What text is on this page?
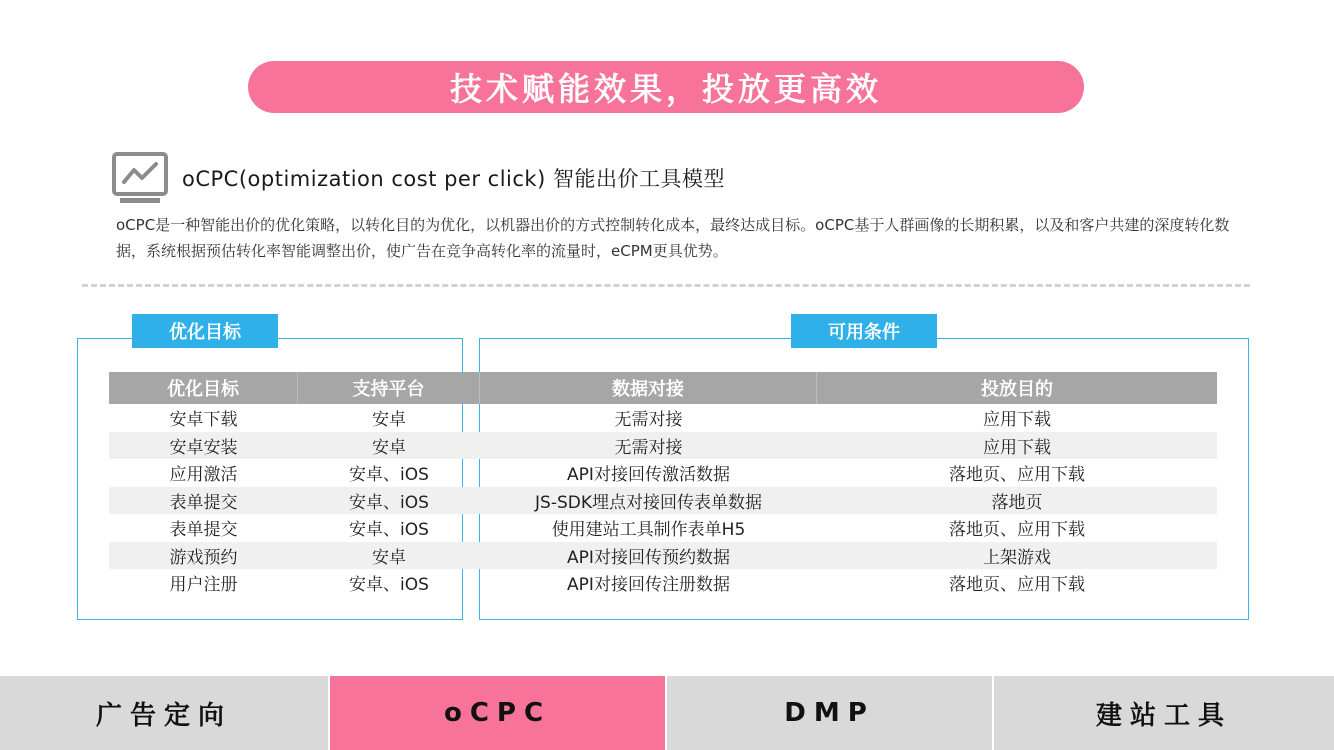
技术赋能效果，投放更高效
oCPC(optimization cost per click) 智能出价工具模型

oCPC是一种智能出价的优化策略，以转化目的为优化，以机器出价的方式控制转化成本，最终达成目标。oCPC基于人群画像的长期积累，以及和客户共建的深度转化数据，系统根据预估转化率智能调整出价，使广告在竞争高转化率的流量时，eCPM更具优势。

优化目标	可用条件
优化目标	支持平台	数据对接	投放目的
安卓下载	安卓	无需对接	应用下载
安卓安装	安卓	无需对接	应用下载
应用激活	安卓、iOS	API对接回传激活数据	落地页、应用下载
表单提交	安卓、iOS	JS-SDK埋点对接回传表单数据	落地页
表单提交	安卓、iOS	使用建站工具制作表单H5	落地页、应用下载
游戏预约	安卓	API对接回传预约数据	上架游戏
用户注册	安卓、iOS	API对接回传注册数据	落地页、应用下载
广告定向	oCPC	DMP	建站工具
